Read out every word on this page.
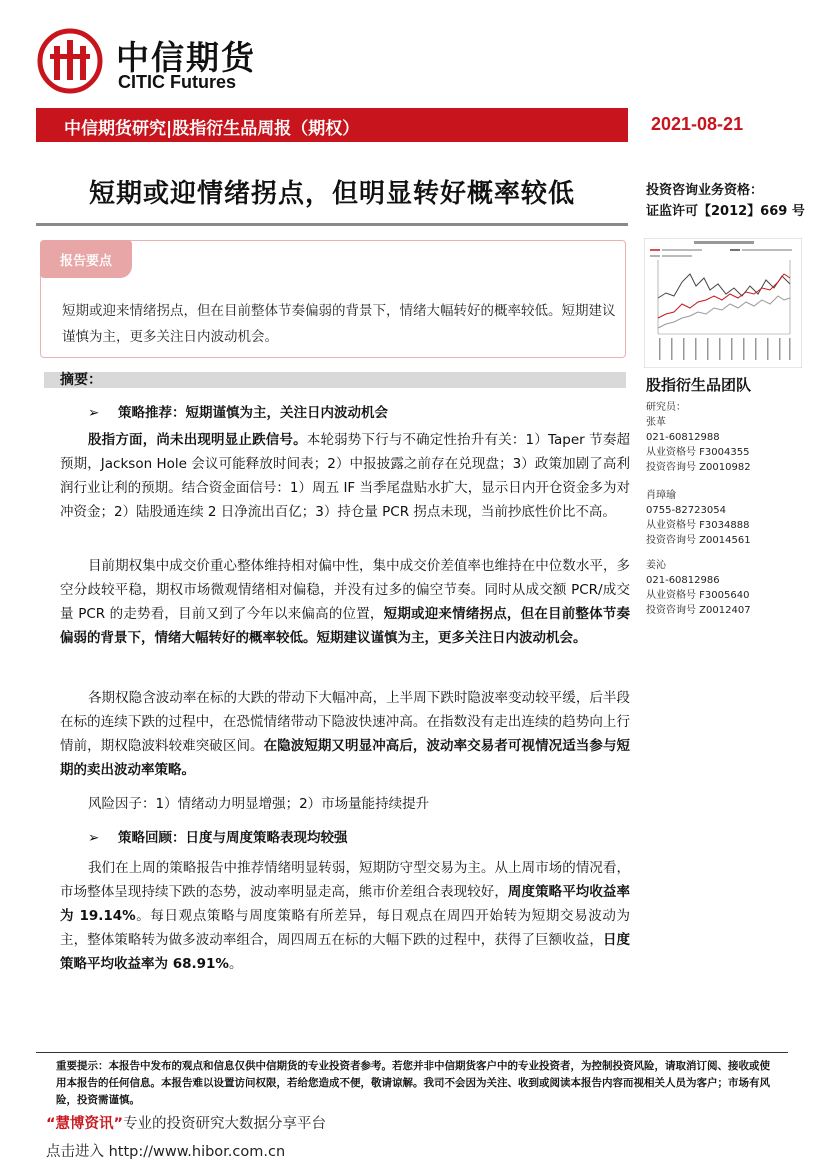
中信期货
CITIC Futures
中信期货研究|股指衍生品周报（期权）	2021-08-21
短期或迎情绪拐点，但明显转好概率较低	投资咨询业务资格：
证监许可【2012】669 号
报告要点
短期或迎来情绪拐点，但在目前整体节奏偏弱的背景下，情绪大幅转好的概率较低。短期建议谨慎为主，更多关注日内波动机会。
摘要：
➢ 策略推荐：短期谨慎为主，关注日内波动机会
股指方面，尚未出现明显止跌信号。本轮弱势下行与不确定性抬升有关：1）Taper 节奏超预期，Jackson Hole 会议可能释放时间表；2）中报披露之前存在兑现盘；3）政策加剧了高利润行业让利的预期。结合资金面信号：1）周五 IF 当季尾盘贴水扩大，显示日内开仓资金多为对冲资金；2）陆股通连续 2 日净流出百亿；3）持仓量 PCR 拐点未现，当前抄底性价比不高。
目前期权集中成交价重心整体维持相对偏中性，集中成交价差值率也维持在中位数水平，多空分歧较平稳，期权市场微观情绪相对偏稳，并没有过多的偏空节奏。同时从成交额 PCR/成交量 PCR 的走势看，目前又到了今年以来偏高的位置，短期或迎来情绪拐点，但在目前整体节奏偏弱的背景下，情绪大幅转好的概率较低。短期建议谨慎为主，更多关注日内波动机会。
各期权隐含波动率在标的大跌的带动下大幅冲高，上半周下跌时隐波率变动较平缓，后半段在标的连续下跌的过程中，在恐慌情绪带动下隐波快速冲高。在指数没有走出连续的趋势向上行情前，期权隐波料较难突破区间。在隐波短期又明显冲高后，波动率交易者可视情况适当参与短期的卖出波动率策略。
风险因子：1）情绪动力明显增强；2）市场量能持续提升
➢ 策略回顾：日度与周度策略表现均较强
我们在上周的策略报告中推荐情绪明显转弱，短期防守型交易为主。从上周市场的情况看，市场整体呈现持续下跌的态势，波动率明显走高，熊市价差组合表现较好，周度策略平均收益率为 19.14%。每日观点策略与周度策略有所差异，每日观点在周四开始转为短期交易波动为主，整体策略转为做多波动率组合，周四周五在标的大幅下跌的过程中，获得了巨额收益，日度策略平均收益率为 68.91%。
股指衍生品团队
研究员：
张革
021-60812988
从业资格号 F3004355
投资咨询号 Z0010982
肖璋瑜
0755-82723054
从业资格号 F3034888
投资咨询号 Z0014561
姜沁
021-60812986
从业资格号 F3005640
投资咨询号 Z0012407
重要提示：本报告中发布的观点和信息仅供中信期货的专业投资者参考。若您并非中信期货客户中的专业投资者，为控制投资风险，请取消订阅、接收或使用本报告的任何信息。本报告难以设置访问权限，若给您造成不便，敬请谅解。我司不会因为关注、收到或阅读本报告内容而视相关人员为客户；市场有风险，投资需谨慎。
“慧博资讯”专业的投资研究大数据分享平台
点击进入 http://www.hibor.com.cn
